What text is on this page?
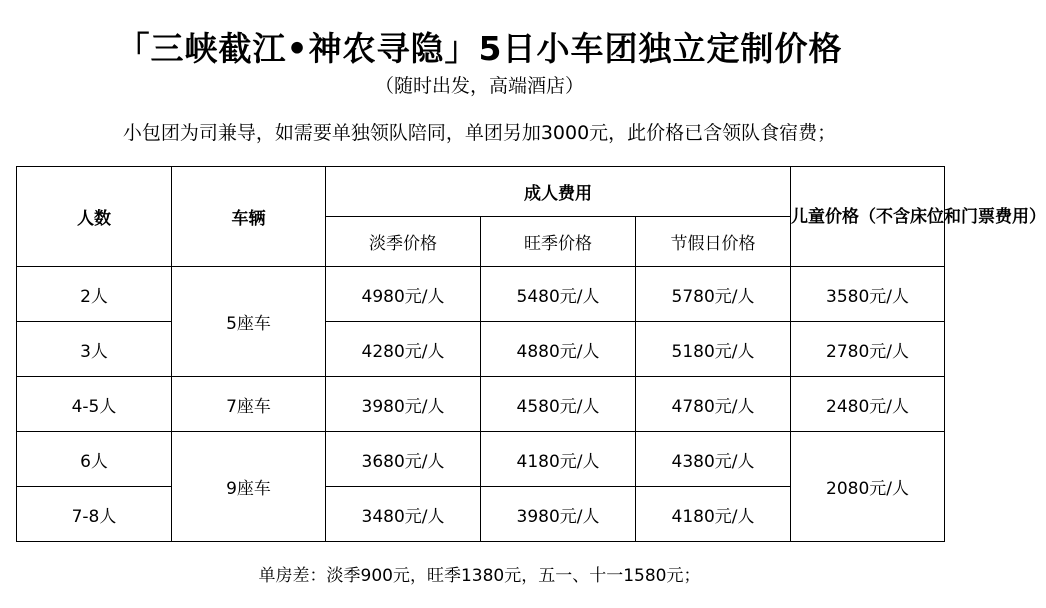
「三峡截江•神农寻隐」5日小车团独立定制价格
（随时出发，高端酒店）
小包团为司兼导，如需要单独领队陪同，单团另加3000元，此价格已含领队食宿费；
人数	车辆	成人费用			儿童价格（不含床位和门票费用）
		淡季价格	旺季价格	节假日价格	
2人	5座车	4980元/人	5480元/人	5780元/人	3580元/人
3人		4280元/人	4880元/人	5180元/人	2780元/人
4-5人	7座车	3980元/人	4580元/人	4780元/人	2480元/人
6人	9座车	3680元/人	4180元/人	4380元/人	2080元/人
7-8人		3480元/人	3980元/人	4180元/人	
单房差：淡季900元，旺季1380元，五一、十一1580元；
